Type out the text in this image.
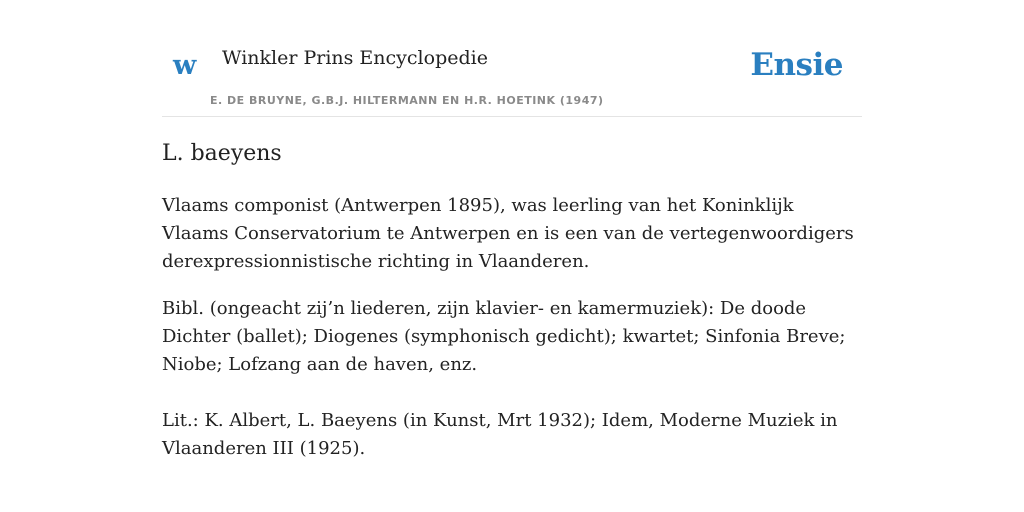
w Winkler Prins Encyclopedie
E. DE BRUYNE, G.B.J. HILTERMANN EN H.R. HOETINK (1947)
Ensie
L. baeyens

Vlaams componist (Antwerpen 1895), was leerling van het Koninklijk Vlaams Conservatorium te Antwerpen en is een van de vertegenwoordigers derexpressionnistische richting in Vlaanderen.

Bibl. (ongeacht zij’n liederen, zijn klavier- en kamermuziek): De doode Dichter (ballet); Diogenes (symphonisch gedicht); kwartet; Sinfonia Breve; Niobe; Lofzang aan de haven, enz.

Lit.: K. Albert, L. Baeyens (in Kunst, Mrt 1932); Idem, Moderne Muziek in Vlaanderen III (1925).
